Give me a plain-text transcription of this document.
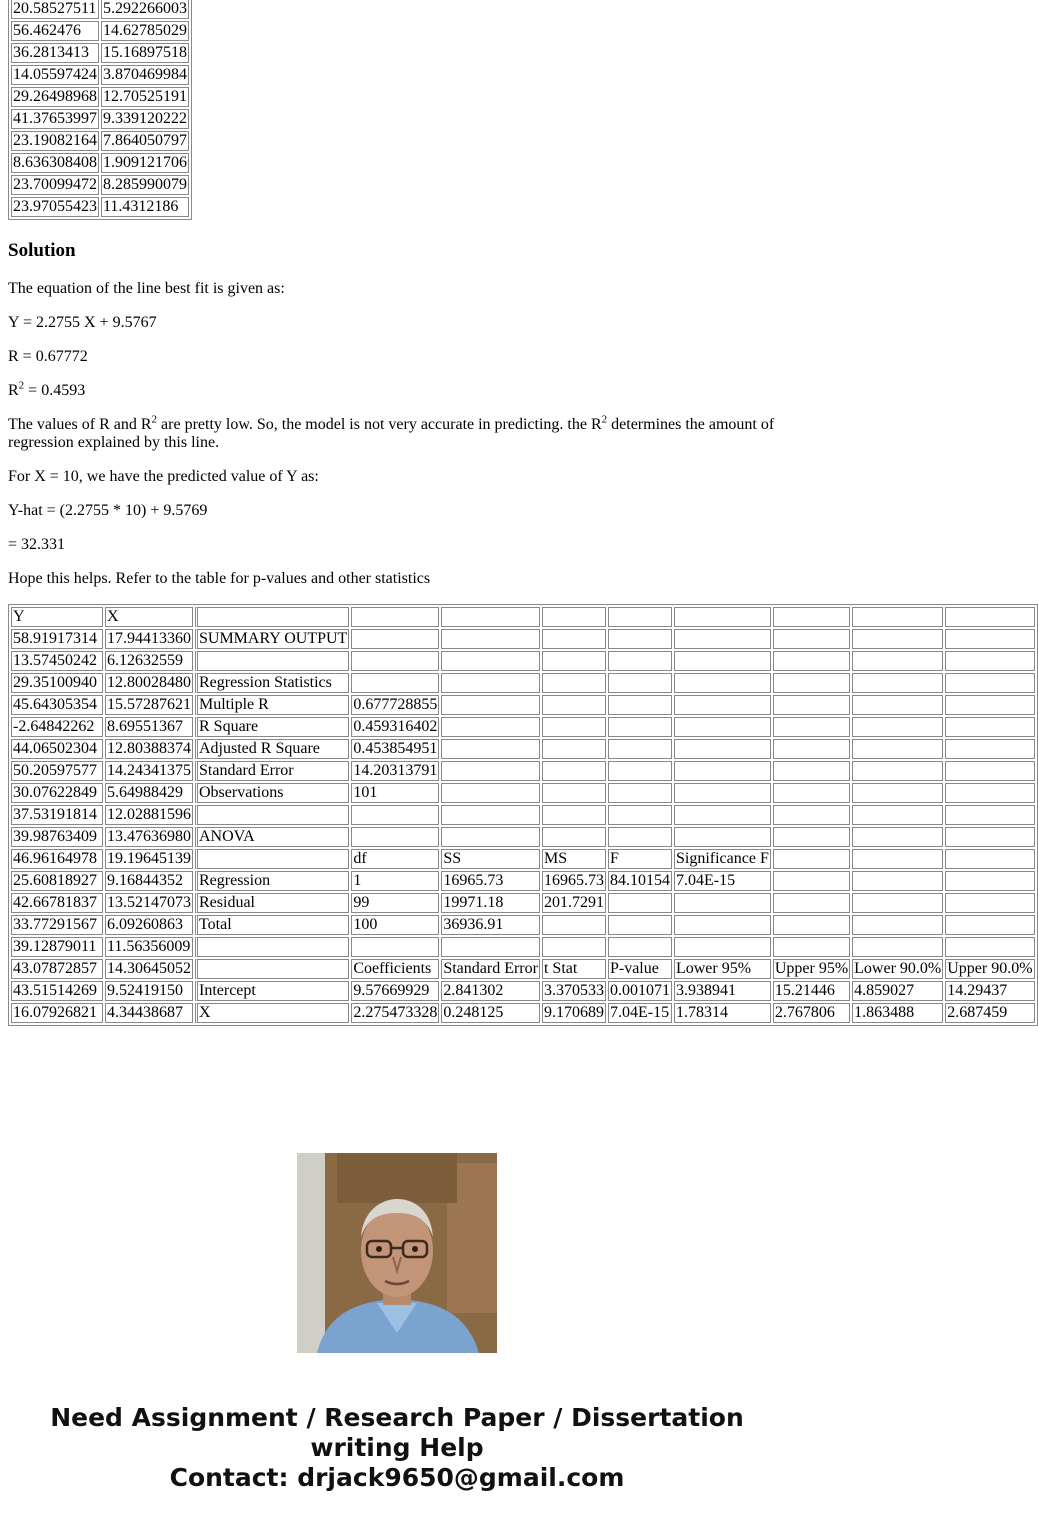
20.58527511	5.292266003
56.462476	14.62785029
36.2813413	15.16897518
14.05597424	3.870469984
29.26498968	12.70525191
41.37653997	9.339120222
23.19082164	7.864050797
8.636308408	1.909121706
23.70099472	8.285990079
23.97055423	11.4312186
Solution

The equation of the line best fit is given as:

Y = 2.2755 X + 9.5767

R = 0.67772

$R^2 = 0.4593$

The values of R and $R^2$ are pretty low. So, the model is not very accurate in predicting. the $R^2$ determines the amount of regression explained by this line.

For X = 10, we have the predicted value of Y as:

Y-hat = (2.2755 * 10) + 9.5769

= 32.331

Hope this helps. Refer to the table for p-values and other statistics

Y	X									
58.91917314	17.94413360	SUMMARY OUTPUT								
13.57450242	6.12632559									
29.35100940	12.80028480	Regression Statistics								
45.64305354	15.57287621	Multiple R	0.677728855							
-2.64842262	8.69551367	R Square	0.459316402							
44.06502304	12.80388374	Adjusted R Square	0.453854951							
50.20597577	14.24341375	Standard Error	14.20313791							
30.07622849	5.64988429	Observations	101							
37.53191814	12.02881596									
39.98763409	13.47636980	ANOVA								
46.96164978	19.19645139		df	SS	MS	F	Significance F			
25.60818927	9.16844352	Regression	1	16965.73	16965.73	84.10154	7.04E-15			
42.66781837	13.52147073	Residual	99	19971.18	201.7291					
33.77291567	6.09260863	Total	100	36936.91						
39.12879011	11.56356009									
43.07872857	14.30645052		Coefficients	Standard Error	t Stat	P-value	Lower 95%	Upper 95%	Lower 90.0%	Upper 90.0%
43.51514269	9.52419150	Intercept	9.57669929	2.841302	3.370533	0.001071	3.938941	15.21446	4.859027	14.29437
16.07926821	4.34438687	X	2.275473328	0.248125	9.170689	7.04E-15	1.78314	2.767806	1.863488	2.687459
Need Assignment / Research Paper / Dissertation
writing Help
Contact: drjack9650@gmail.com
